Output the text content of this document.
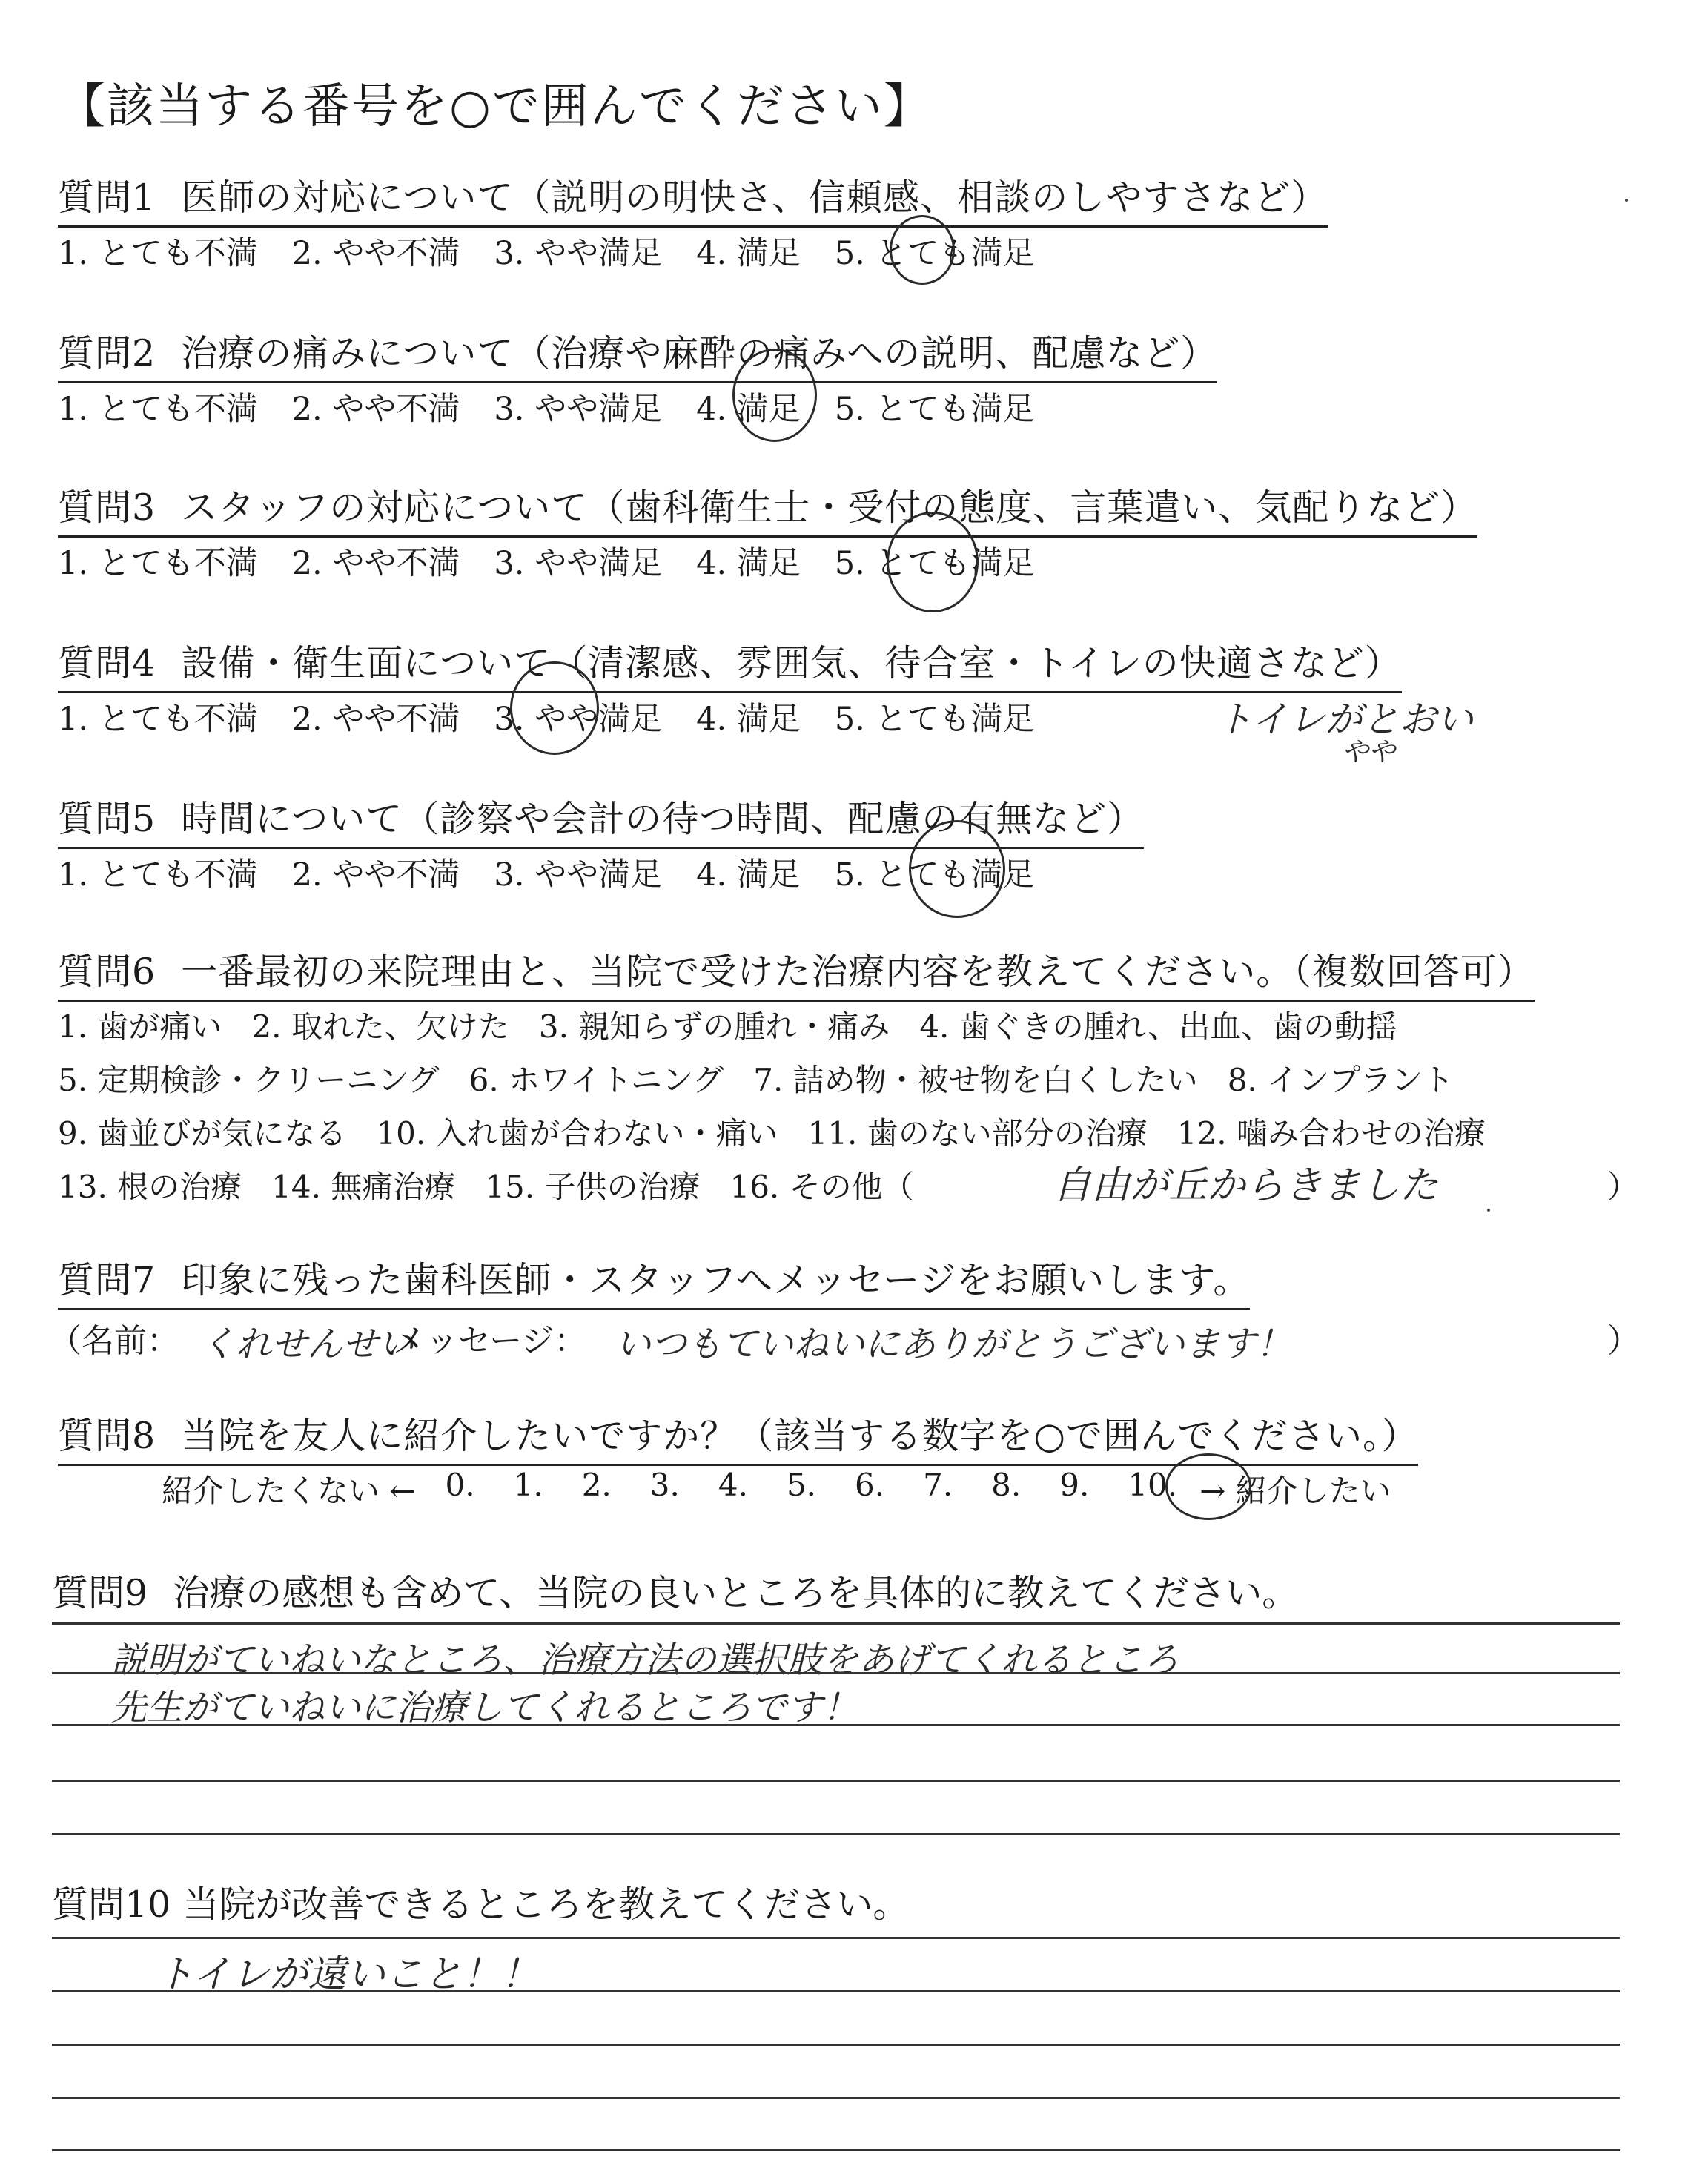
【該当する番号を○で囲んでください】
質問1 医師の対応について（説明の明快さ、信頼感、相談のしやすさなど）
1. とても不満 2. やや不満 3. やや満足 4. 満足 5. とても満足
質問2 治療の痛みについて（治療や麻酔の痛みへの説明、配慮など）
1. とても不満 2. やや不満 3. やや満足 4. 満足 5. とても満足
質問3 スタッフの対応について（歯科衛生士・受付の態度、言葉遣い、気配りなど）
1. とても不満 2. やや不満 3. やや満足 4. 満足 5. とても満足
質問4 設備・衛生面について（清潔感、雰囲気、待合室・トイレの快適さなど）
1. とても不満 2. やや不満 3. やや満足 4. 満足 5. とても満足	トイレがとおい
やや
質問5 時間について（診察や会計の待つ時間、配慮の有無など）
1. とても不満 2. やや不満 3. やや満足 4. 満足 5. とても満足
質問6 一番最初の来院理由と、当院で受けた治療内容を教えてください。（複数回答可）
1. 歯が痛い 2. 取れた、欠けた 3. 親知らずの腫れ・痛み 4. 歯ぐきの腫れ、出血、歯の動揺
5. 定期検診・クリーニング 6. ホワイトニング 7. 詰め物・被せ物を白くしたい 8. インプラント
9. 歯並びが気になる 10. 入れ歯が合わない・痛い 11. 歯のない部分の治療 12. 噛み合わせの治療
13. 根の治療 14. 無痛治療 15. 子供の治療 16. その他（	自由が丘からきました	）
質問7 印象に残った歯科医師・スタッフへメッセージをお願いします。
（名前： くれせんせい
メッセージ： いつもていねいにありがとうございます！	）
質問8 当院を友人に紹介したいですか？（該当する数字を○で囲んでください。）
紹介したくない ← 0. 1. 2. 3. 4. 5. 6. 7. 8. 9. 10. → 紹介したい
質問9 治療の感想も含めて、当院の良いところを具体的に教えてください。
説明がていねいなところ、治療方法の選択肢をあげてくれるところ
先生がていねいに治療してくれるところです！
質問10 当院が改善できるところを教えてください。
トイレが遠いこと！！
